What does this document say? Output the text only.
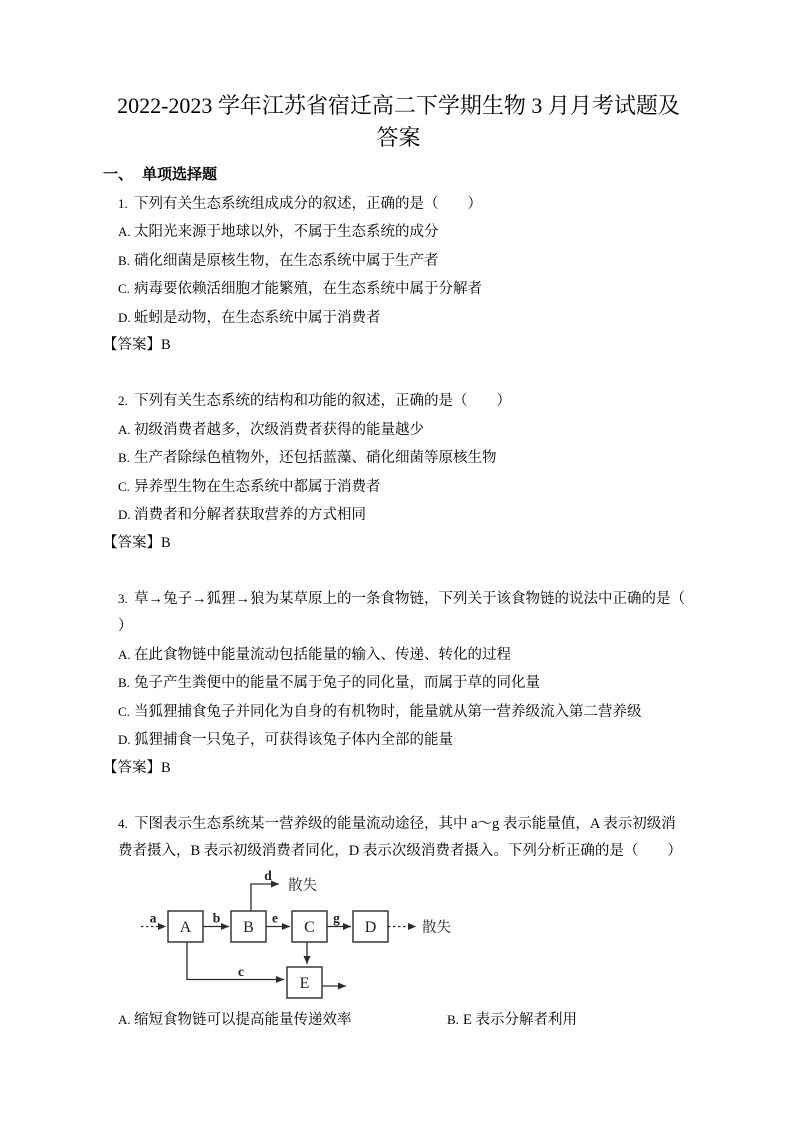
2022-2023 学年江苏省宿迁高二下学期生物 3 月月考试题及
答案
一、 单项选择题

1. 下列有关生态系统组成成分的叙述，正确的是（　　）

A. 太阳光来源于地球以外，不属于生态系统的成分

B. 硝化细菌是原核生物，在生态系统中属于生产者

C. 病毒要依赖活细胞才能繁殖，在生态系统中属于分解者

D. 蚯蚓是动物，在生态系统中属于消费者

【答案】B

2. 下列有关生态系统的结构和功能的叙述，正确的是（　　）

A. 初级消费者越多，次级消费者获得的能量越少

B. 生产者除绿色植物外，还包括蓝藻、硝化细菌等原核生物

C. 异养型生物在生态系统中都属于消费者

D. 消费者和分解者获取营养的方式相同

【答案】B

3. 草→兔子→狐狸→狼为某草原上的一条食物链，下列关于该食物链的说法中正确的是（

）

A. 在此食物链中能量流动包括能量的输入、传递、转化的过程

B. 兔子产生粪便中的能量不属于兔子的同化量，而属于草的同化量

C. 当狐狸捕食兔子并同化为自身的有机物时，能量就从第一营养级流入第二营养级

D. 狐狸捕食一只兔子，可获得该兔子体内全部的能量

【答案】B

4. 下图表示生态系统某一营养级的能量流动途径，其中 a～g 表示能量值，A 表示初级消

费者摄入，B 表示初级消费者同化，D 表示次级消费者摄入。下列分析正确的是（　　）

A	B	C	D
E
a	b	e	g
d
c
散失
散失

A. 缩短食物链可以提高能量传递效率	B. E 表示分解者利用
